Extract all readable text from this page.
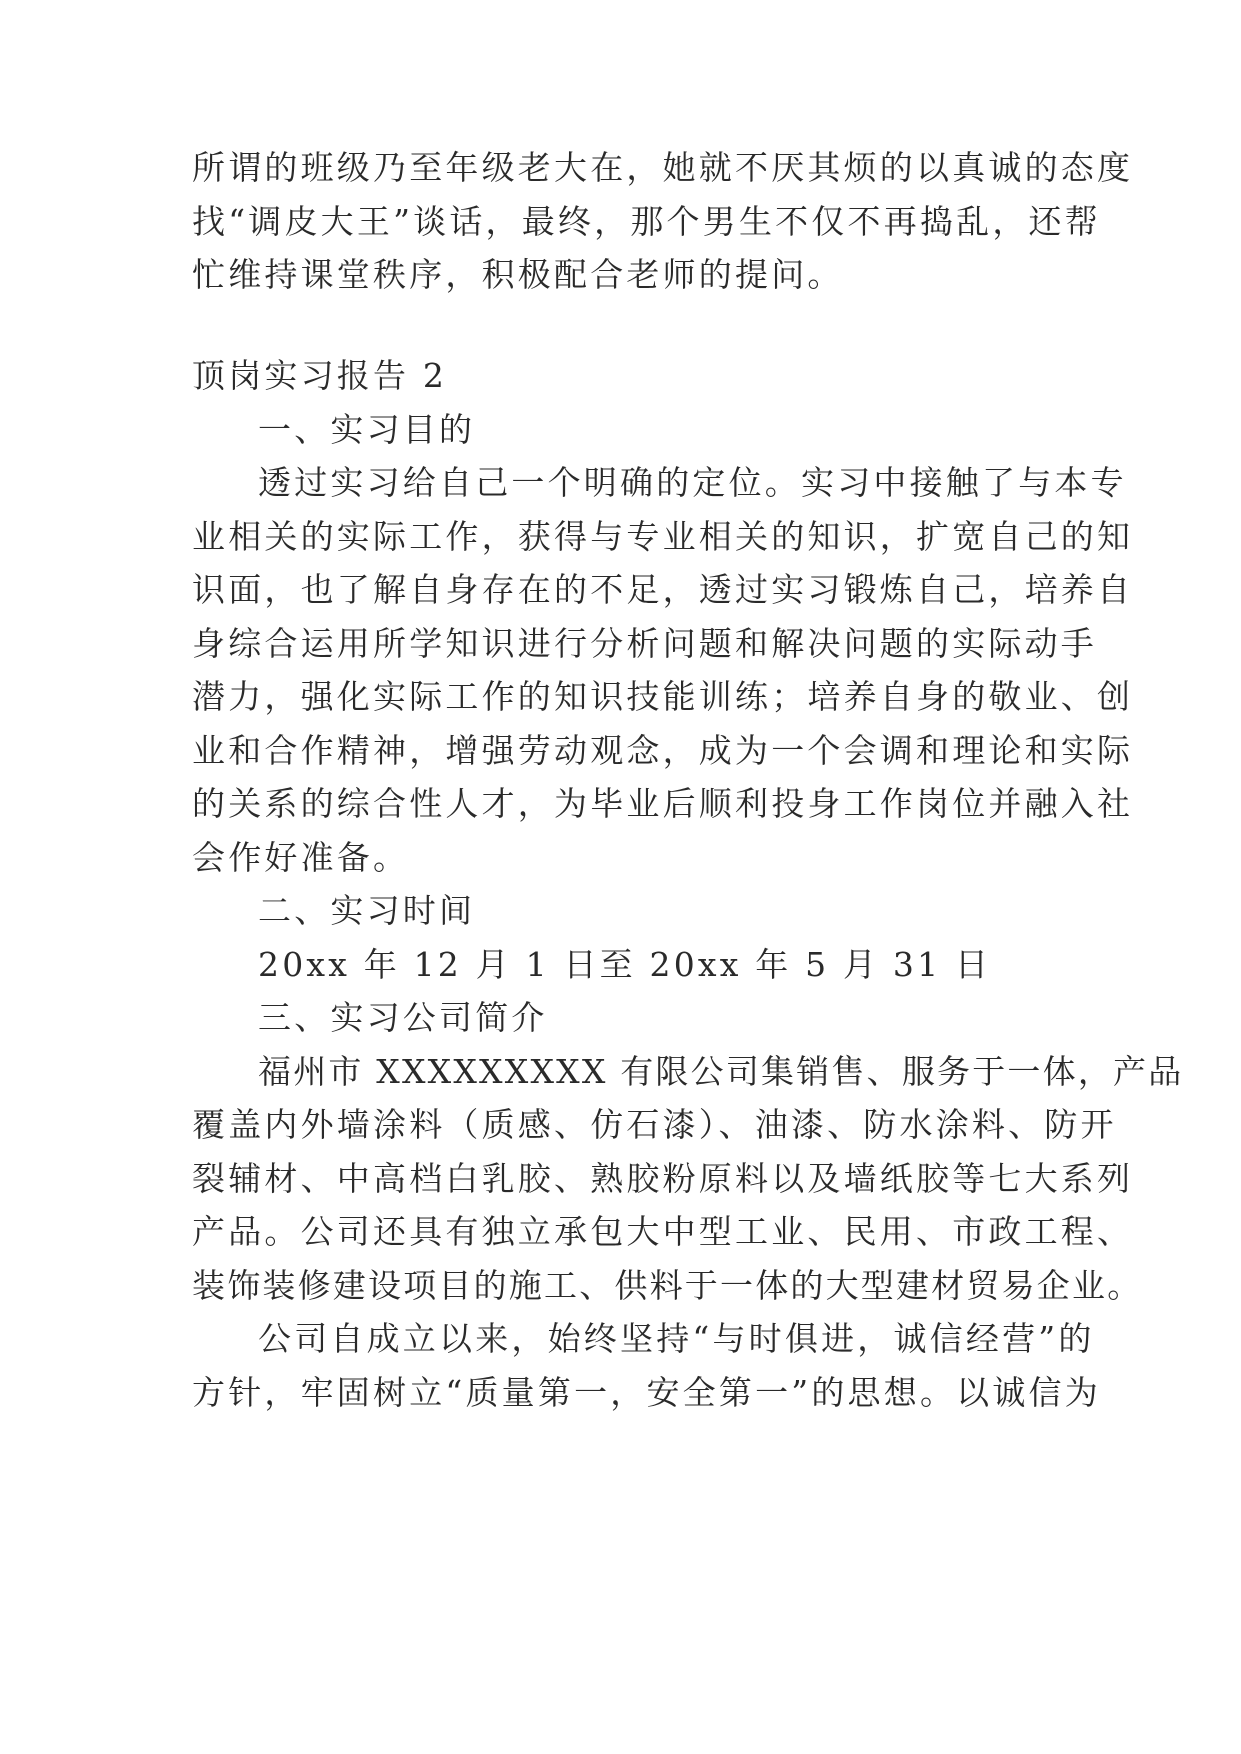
所谓的班级乃至年级老大在，她就不厌其烦的以真诚的态度
找“调皮大王”谈话，最终，那个男生不仅不再捣乱，还帮
忙维持课堂秩序，积极配合老师的提问。
顶岗实习报告 2
一、实习目的
透过实习给自己一个明确的定位。实习中接触了与本专
业相关的实际工作，获得与专业相关的知识，扩宽自己的知
识面，也了解自身存在的不足，透过实习锻炼自己，培养自
身综合运用所学知识进行分析问题和解决问题的实际动手
潜力，强化实际工作的知识技能训练；培养自身的敬业、创
业和合作精神，增强劳动观念，成为一个会调和理论和实际
的关系的综合性人才，为毕业后顺利投身工作岗位并融入社
会作好准备。
二、实习时间
20xx 年 12 月 1 日至 20xx 年 5 月 31 日
三、实习公司简介
福州市 XXXXXXXXX 有限公司集销售、服务于一体，产品
覆盖内外墙涂料（质感、仿石漆）、油漆、防水涂料、防开
裂辅材、中高档白乳胶、熟胶粉原料以及墙纸胶等七大系列
产品。公司还具有独立承包大中型工业、民用、市政工程、
装饰装修建设项目的施工、供料于一体的大型建材贸易企业。
公司自成立以来，始终坚持“与时俱进，诚信经营”的
方针，牢固树立“质量第一，安全第一”的思想。以诚信为
